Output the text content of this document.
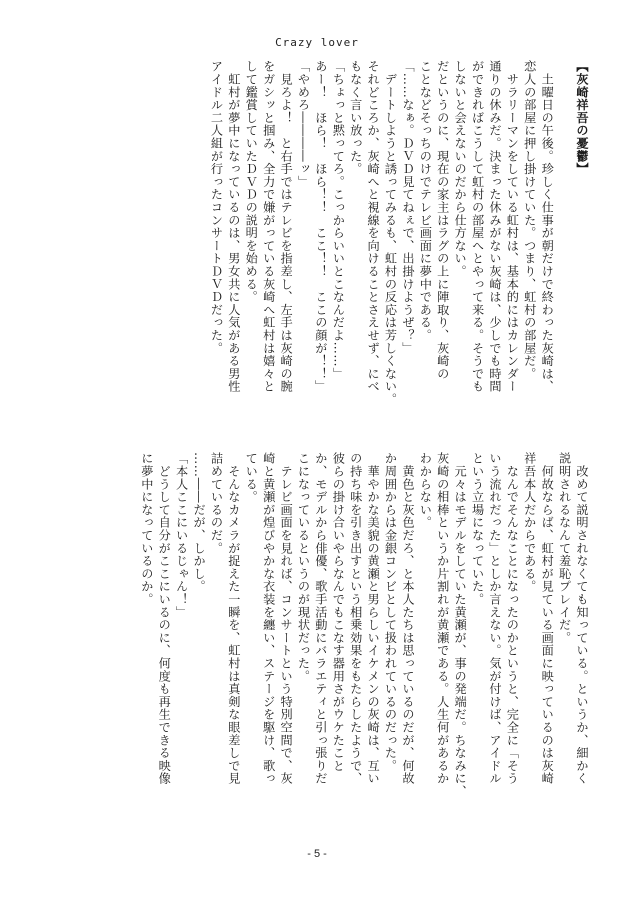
Crazy lover
【灰崎祥吾の憂鬱】

　土曜日の午後。珍しく仕事が朝だけで終わった灰崎は、
恋人の部屋に押し掛けていた。つまり、虹村の部屋だ。
　サラリーマンをしている虹村は、基本的にはカレンダー
通りの休みだ。決まった休みがない灰崎は、少しでも時間
ができればこうして虹村の部屋へとやって来る。そうでも
しないと会えないのだから仕方ない。
だというのに、現在の家主はラグの上に陣取り、灰崎の
ことなどそっちのけでテレビ画面に夢中である。
「……なぁ。ＤＶＤ見てねぇで、出掛けようぜ？」
　デートしようと誘ってみるも、虹村の反応は芳しくない。
それどころか、灰崎へと視線を向けることさえせず、にべ
もなく言い放った。
「ちょっと黙ってろ。こっからいいとこなんだよ……」
あー！　ほら！　ほら！！　ここ！！　ここの顔が！！」
「やめろ――――ッ」
　見ろよ！　と右手ではテレビを指差し、左手は灰崎の腕
をガシッと掴み、全力で嫌がっている灰崎へ虹村は嬉々と
して鑑賞していたＤＶＤの説明を始める。
　虹村が夢中になっているのは、男女共に人気がある男性
アイドル二人組が行ったコンサートＤＶＤだった。
　改めて説明されなくても知っている。というか、細かく
説明されるなんて羞恥プレイだ。
　何故ならば、虹村が見ている画面に映っているのは灰崎
祥吾本人だからである。
　なんでそんなことになったのかというと、完全に「そう
いう流れだった」としか言えない。気が付けば、アイドル
という立場になっていた。
　元々はモデルをしていた黄瀬が、事の発端だ。ちなみに、
灰崎の相棒というか片割れが黄瀬である。人生何があるか
わからない。
　黄色と灰色だろ、と本人たちは思っているのだが、何故
か周囲からは金銀コンビとして扱われているのだった。
　華やかな美貌の黄瀬と男らしいイケメンの灰崎は、互い
の持ち味を引き出すという相乗効果をもたらしたようで、
彼らの掛け合いやらなんでもこなす器用さがウケたこと
か、モデルから俳優、歌手活動にバラエティと引っ張りだ
こになっているというのが現状だった。
　テレビ画面を見れば、コンサートという特別空間で、灰
崎と黄瀬が煌びやかな衣装を纏い、ステージを駆け、歌っ
ている。
　そんなカメラが捉えた一瞬を、虹村は真剣な眼差しで見
詰めているのだ。
……――だが、しかし。
「本人ここにいるじゃん！」
　どうして自分がここにいるのに、何度も再生できる映像
に夢中になっているのか。
- 5 -
